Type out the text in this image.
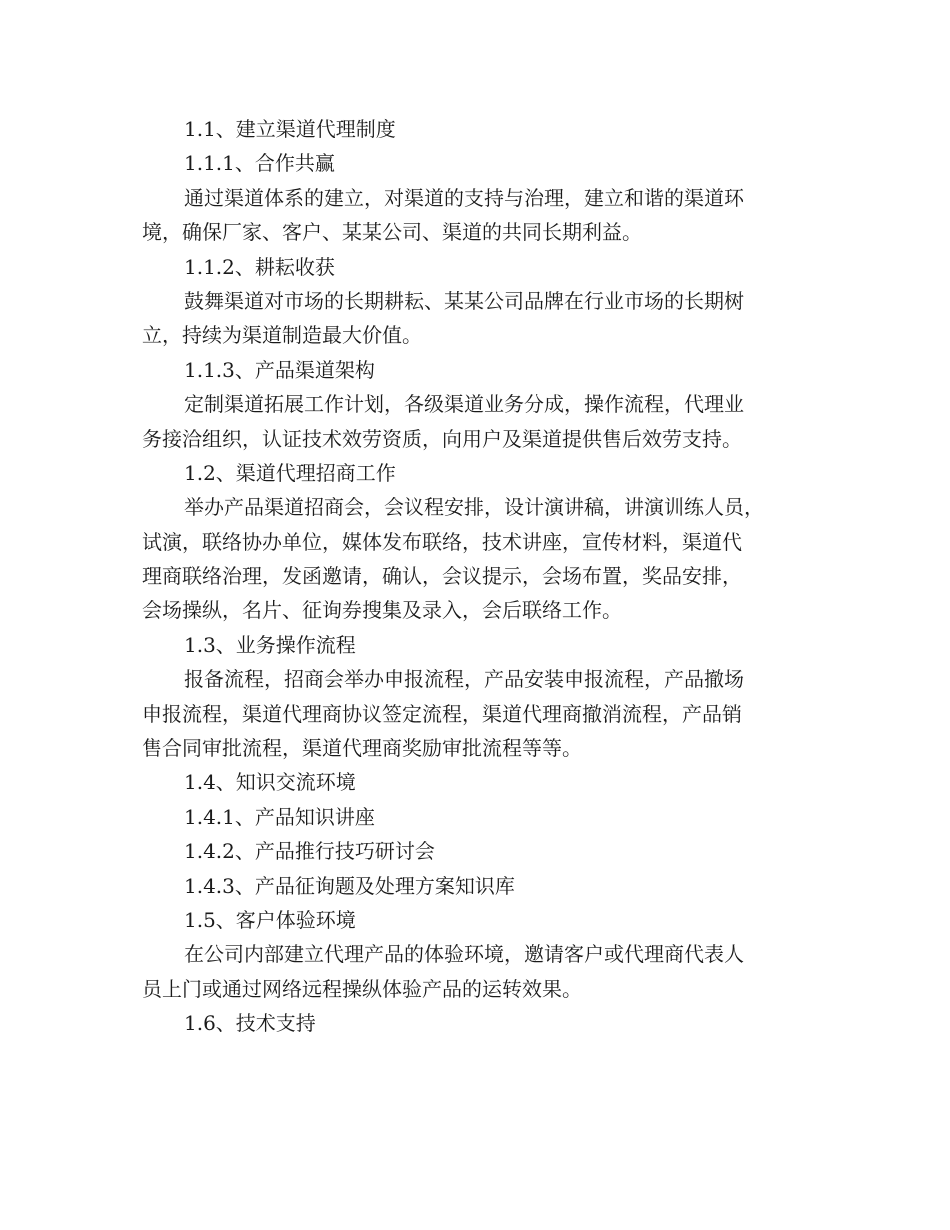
1.1、建立渠道代理制度
1.1.1、合作共赢
通过渠道体系的建立，对渠道的支持与治理，建立和谐的渠道环
境，确保厂家、客户、某某公司、渠道的共同长期利益。
1.1.2、耕耘收获
鼓舞渠道对市场的长期耕耘、某某公司品牌在行业市场的长期树
立，持续为渠道制造最大价值。
1.1.3、产品渠道架构
定制渠道拓展工作计划，各级渠道业务分成，操作流程，代理业
务接洽组织，认证技术效劳资质，向用户及渠道提供售后效劳支持。
1.2、渠道代理招商工作
举办产品渠道招商会，会议程安排，设计演讲稿，讲演训练人员，
试演，联络协办单位，媒体发布联络，技术讲座，宣传材料，渠道代
理商联络治理，发函邀请，确认，会议提示，会场布置，奖品安排，
会场操纵，名片、征询券搜集及录入，会后联络工作。
1.3、业务操作流程
报备流程，招商会举办申报流程，产品安装申报流程，产品撤场
申报流程，渠道代理商协议签定流程，渠道代理商撤消流程，产品销
售合同审批流程，渠道代理商奖励审批流程等等。
1.4、知识交流环境
1.4.1、产品知识讲座
1.4.2、产品推行技巧研讨会
1.4.3、产品征询题及处理方案知识库
1.5、客户体验环境
在公司内部建立代理产品的体验环境，邀请客户或代理商代表人
员上门或通过网络远程操纵体验产品的运转效果。
1.6、技术支持
